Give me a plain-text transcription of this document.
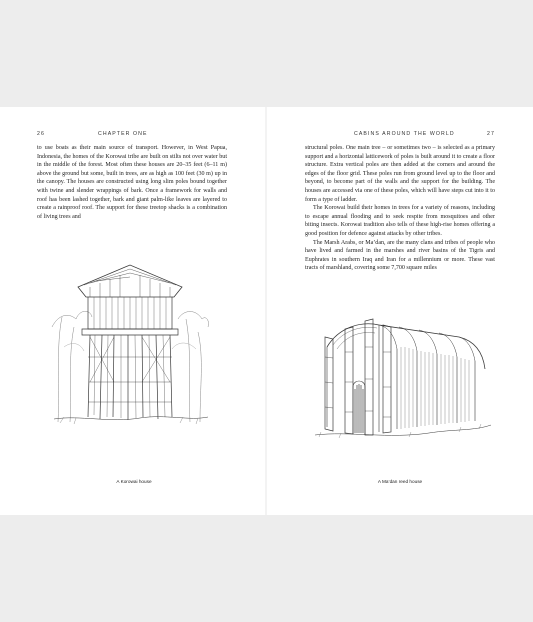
26	CHAPTER ONE

to use boats as their main source of transport. However, in West Papua, Indonesia, the homes of the Korowai tribe are built on stilts not over water but in the middle of the forest. Most often these houses are 20–35 feet (6–11 m) above the ground but some, built in trees, are as high as 100 feet (30 m) up in the canopy. The houses are constructed using long slim poles bound together with twine and slender wrappings of bark. Once a framework for walls and roof has been lashed together, bark and giant palm-like leaves are layered to create a rainproof roof. The support for these treetop shacks is a combination of living trees and

A Korowai house
CABINS AROUND THE WORLD	27

structural poles. One main tree – or sometimes two – is selected as a primary support and a horizontal latticework of poles is built around it to create a floor structure. Extra vertical poles are then added at the corners and around the edges of the floor grid. These poles run from ground level up to the floor and beyond, to become part of the walls and the support for the building. The houses are accessed via one of these poles, which will have steps cut into it to form a type of ladder.

The Korowai build their homes in trees for a variety of reasons, including to escape annual flooding and to seek respite from mosquitoes and other biting insects. Korowai tradition also tells of these high-rise homes offering a good position for defence against attacks by other tribes.

The Marsh Arabs, or Ma’dan, are the many clans and tribes of people who have lived and farmed in the marshes and river basins of the Tigris and Euphrates in southern Iraq and Iran for a millennium or more. These vast tracts of marshland, covering some 7,700 square miles

A Ma’dan reed house
